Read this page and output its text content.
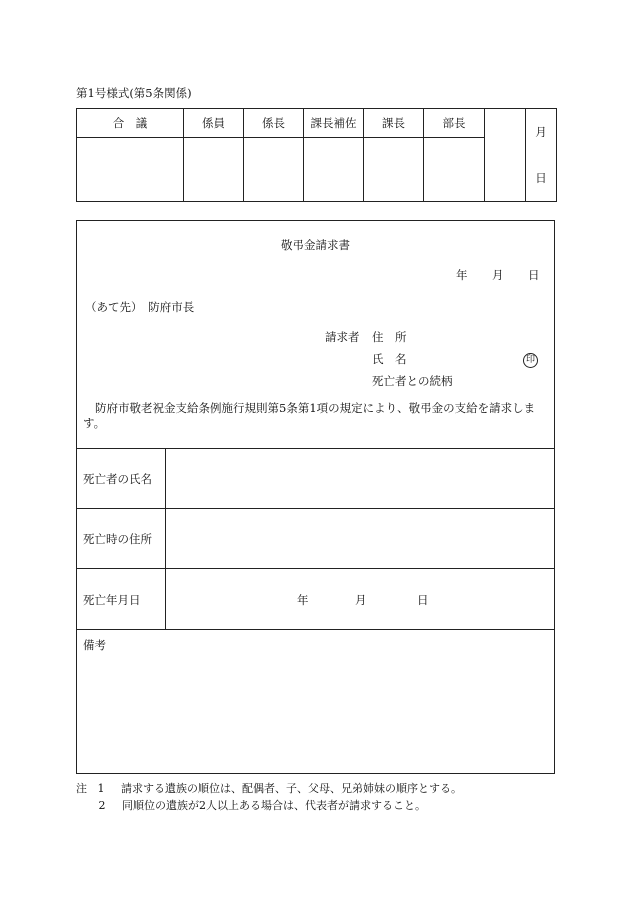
第1号様式(第5条関係)
合　議	係員	係長	課長補佐	課長	部長		月
日

敬弔金請求書
年 月 日
（あて先）　防府市長
請求者 住　所
氏　名	印
死亡者との続柄
防府市敬老祝金支給条例施行規則第5条第1項の規定により、敬弔金の支給を請求します。
死亡者の氏名
死亡時の住所
死亡年月日	年	月	日
備考
注 1 請求する遺族の順位は、配偶者、子、父母、兄弟姉妹の順序とする。
2 同順位の遺族が2人以上ある場合は、代表者が請求すること。
